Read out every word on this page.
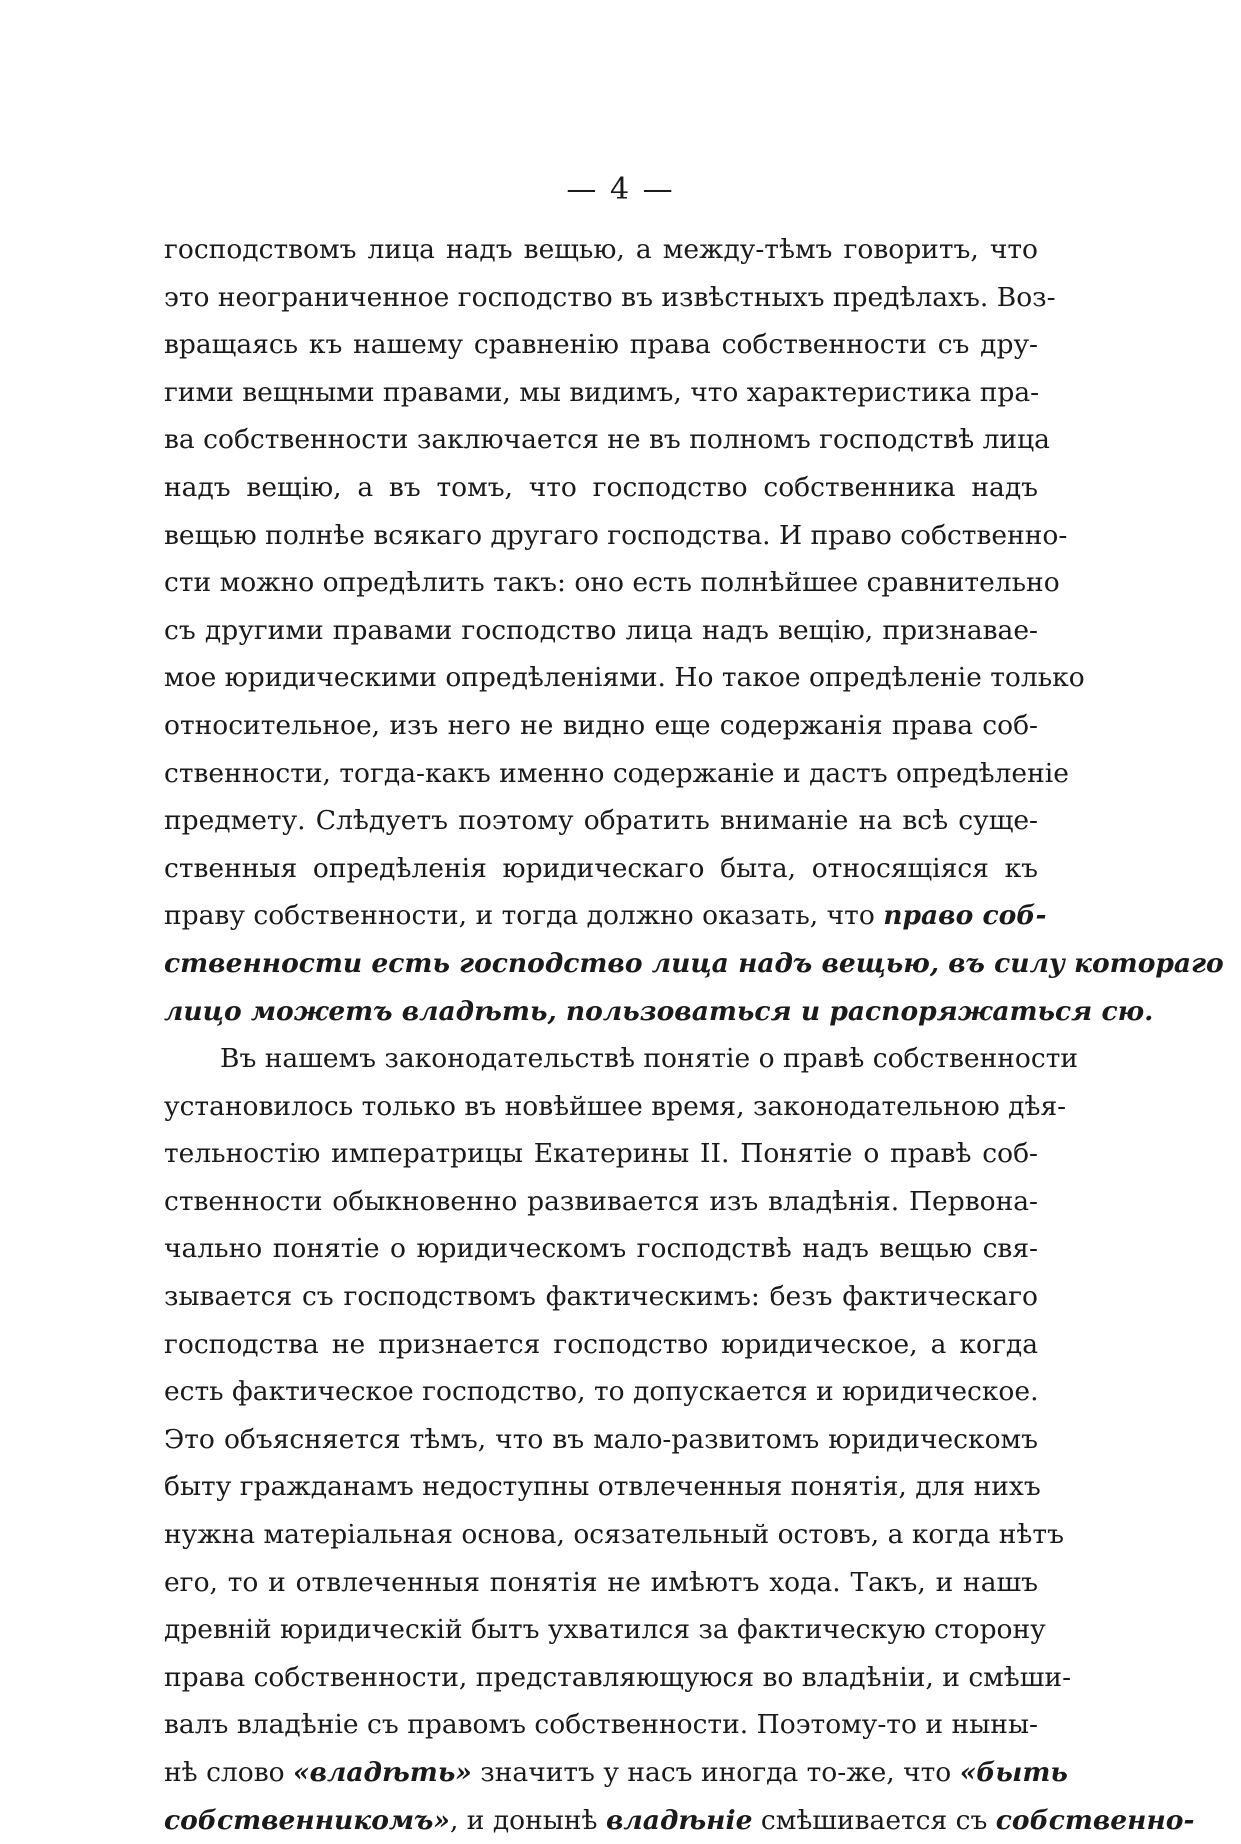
— 4 —
господствомъ лица надъ вещью, а между-тѣмъ говоритъ, что
это неограниченное господство въ извѣстныхъ предѣлахъ. Воз-
вращаясь къ нашему сравненію права собственности съ дру-
гими вещными правами, мы видимъ, что характеристика пра-
ва собственности заключается не въ полномъ господствѣ лица
надъ вещію, а въ томъ, что господство собственника надъ
вещью полнѣе всякаго другаго господства. И право собственно-
сти можно опредѣлить такъ: оно есть полнѣйшее сравнительно
съ другими правами господство лица надъ вещію, признавае-
мое юридическими опредѣленіями. Но такое опредѣленіе только
относительное, изъ него не видно еще содержанія права соб-
ственности, тогда-какъ именно содержаніе и дастъ опредѣленіе
предмету. Слѣдуетъ поэтому обратить вниманіе на всѣ суще-
ственныя опредѣленія юридическаго быта, относящіяся къ
праву собственности, и тогда должно оказать, что право соб-
ственности есть господство лица надъ вещью, въ силу котораго
лицо можетъ владѣть, пользоваться и распоряжаться сю.
Въ нашемъ законодательствѣ понятіе о правѣ собственности
установилось только въ новѣйшее время, законодательною дѣя-
тельностію императрицы Екатерины II. Понятіе о правѣ соб-
ственности обыкновенно развивается изъ владѣнія. Первона-
чально понятіе о юридическомъ господствѣ надъ вещью свя-
зывается съ господствомъ фактическимъ: безъ фактическаго
господства не признается господство юридическое, а когда
есть фактическое господство, то допускается и юридическое.
Это объясняется тѣмъ, что въ мало-развитомъ юридическомъ
быту гражданамъ недоступны отвлеченныя понятія, для нихъ
нужна матеріальная основа, осязательный остовъ, а когда нѣтъ
его, то и отвлеченныя понятія не имѣютъ хода. Такъ, и нашъ
древній юридическій бытъ ухватился за фактическую сторону
права собственности, представляющуюся во владѣніи, и смѣши-
валъ владѣніе съ правомъ собственности. Поэтому-то и ныны-
нѣ слово «владѣть» значитъ у насъ иногда то-же, что «быть
собственникомъ», и донынѣ владѣніе смѣшивается съ собственно-
